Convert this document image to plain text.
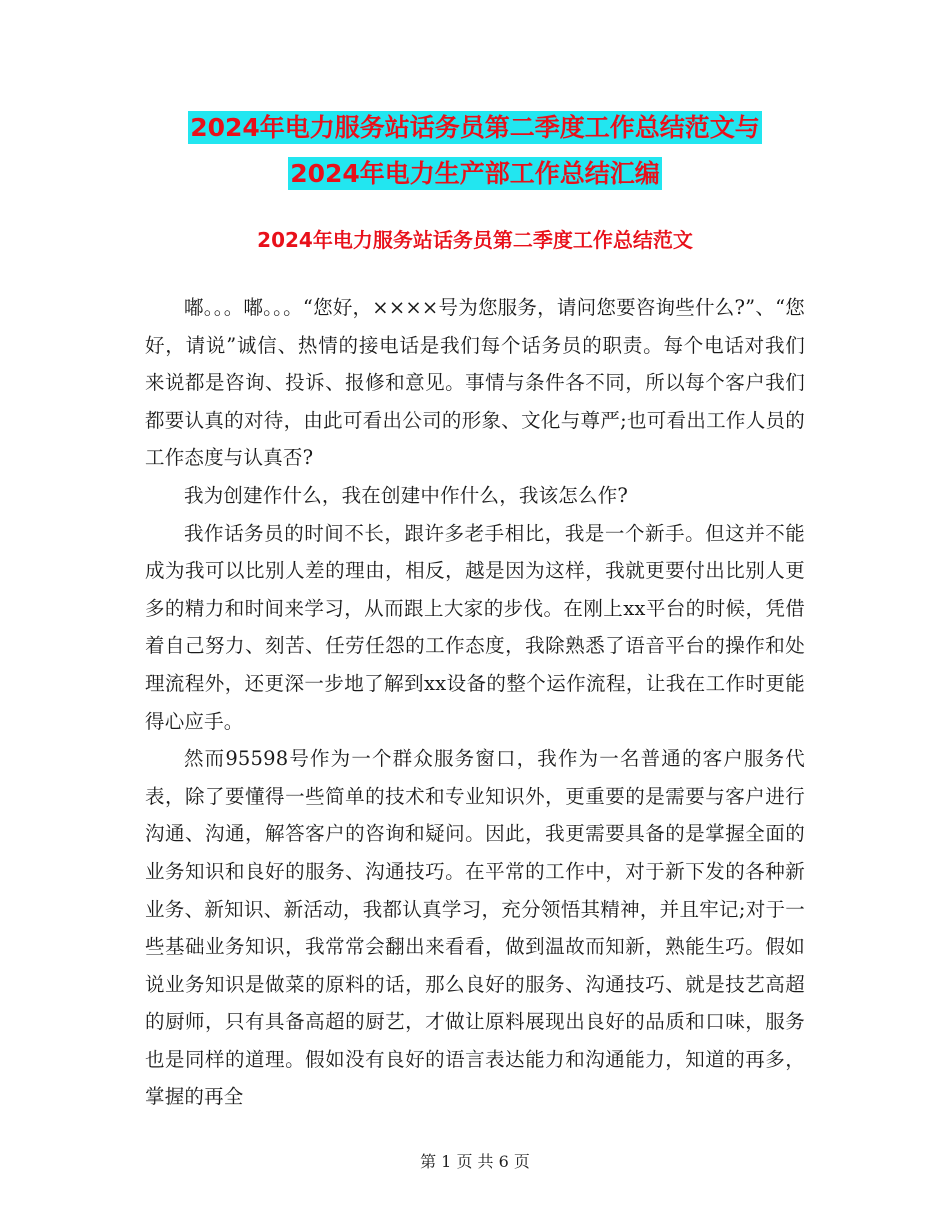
2024年电力服务站话务员第二季度工作总结范文与
2024年电力生产部工作总结汇编
2024年电力服务站话务员第二季度工作总结范文

嘟。。。嘟。。。“您好，××××号为您服务，请问您要咨询些什么?”、“您好，请说”诚信、热情的接电话是我们每个话务员的职责。每个电话对我们来说都是咨询、投诉、报修和意见。事情与条件各不同，所以每个客户我们都要认真的对待，由此可看出公司的形象、文化与尊严;也可看出工作人员的工作态度与认真否?

我为创建作什么，我在创建中作什么，我该怎么作?

我作话务员的时间不长，跟许多老手相比，我是一个新手。但这并不能成为我可以比别人差的理由，相反，越是因为这样，我就更要付出比别人更多的精力和时间来学习，从而跟上大家的步伐。在刚上xx平台的时候，凭借着自己努力、刻苦、任劳任怨的工作态度，我除熟悉了语音平台的操作和处理流程外，还更深一步地了解到xx设备的整个运作流程，让我在工作时更能得心应手。

然而95598号作为一个群众服务窗口，我作为一名普通的客户服务代表，除了要懂得一些简单的技术和专业知识外，更重要的是需要与客户进行沟通、沟通，解答客户的咨询和疑问。因此，我更需要具备的是掌握全面的业务知识和良好的服务、沟通技巧。在平常的工作中，对于新下发的各种新业务、新知识、新活动，我都认真学习，充分领悟其精神，并且牢记;对于一些基础业务知识，我常常会翻出来看看，做到温故而知新，熟能生巧。假如说业务知识是做菜的原料的话，那么良好的服务、沟通技巧、就是技艺高超的厨师，只有具备高超的厨艺，才做让原料展现出良好的品质和口味，服务也是同样的道理。假如没有良好的语言表达能力和沟通能力，知道的再多，掌握的再全

第 1 页 共 6 页
